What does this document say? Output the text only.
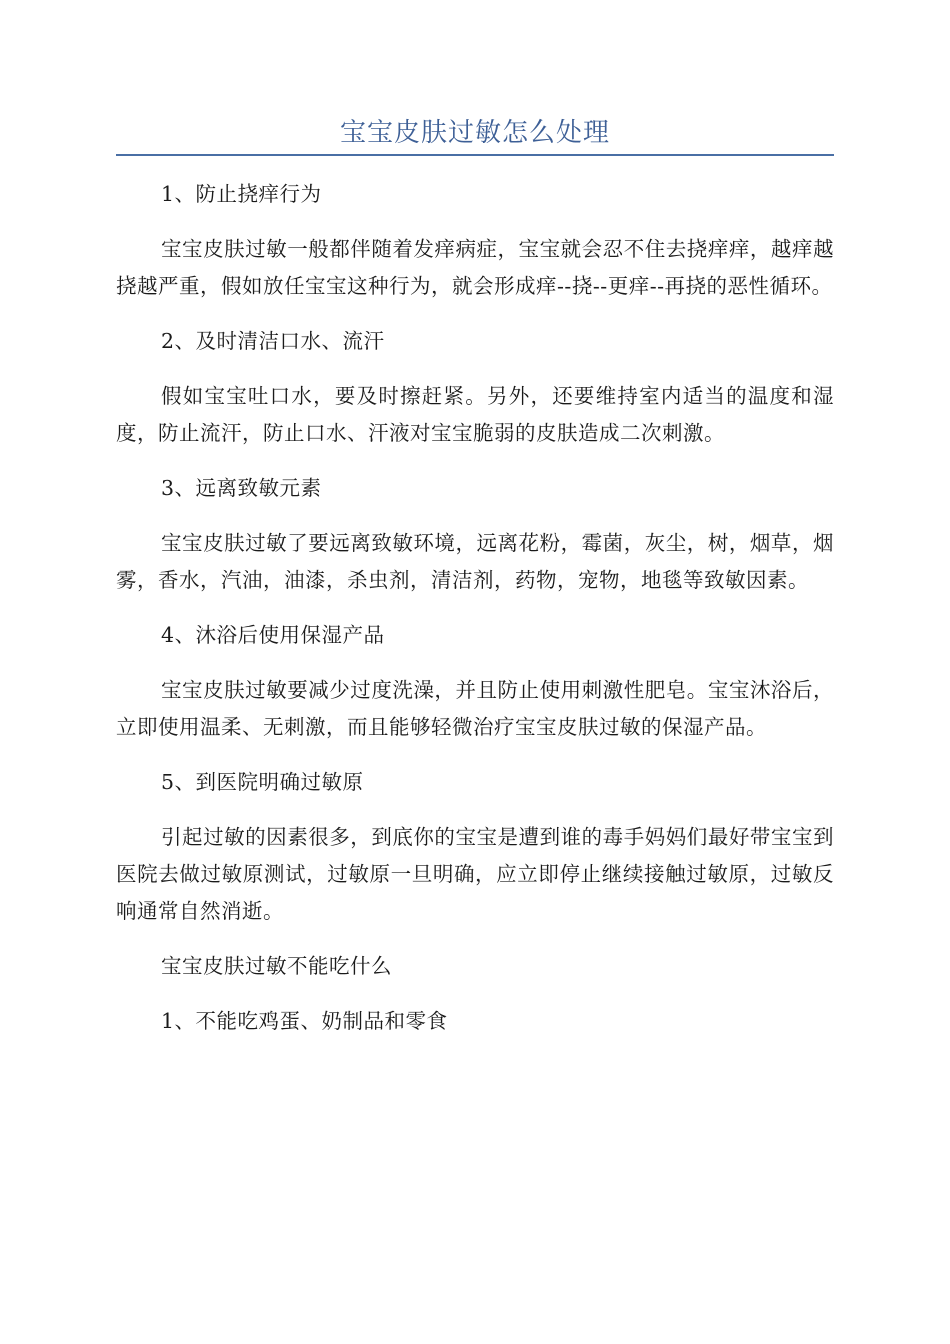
宝宝皮肤过敏怎么处理

1、防止挠痒行为

宝宝皮肤过敏一般都伴随着发痒病症，宝宝就会忍不住去挠痒痒，越痒越挠越严重，假如放任宝宝这种行为，就会形成痒--挠--更痒--再挠的恶性循环。

2、及时清洁口水、流汗

假如宝宝吐口水，要及时擦赶紧。另外，还要维持室内适当的温度和湿度，防止流汗，防止口水、汗液对宝宝脆弱的皮肤造成二次刺激。

3、远离致敏元素

宝宝皮肤过敏了要远离致敏环境，远离花粉，霉菌，灰尘，树，烟草，烟雾，香水，汽油，油漆，杀虫剂，清洁剂，药物，宠物，地毯等致敏因素。

4、沐浴后使用保湿产品

宝宝皮肤过敏要减少过度洗澡，并且防止使用刺激性肥皂。宝宝沐浴后，立即使用温柔、无刺激，而且能够轻微治疗宝宝皮肤过敏的保湿产品。

5、到医院明确过敏原

引起过敏的因素很多，到底你的宝宝是遭到谁的毒手妈妈们最好带宝宝到医院去做过敏原测试，过敏原一旦明确，应立即停止继续接触过敏原，过敏反响通常自然消逝。

宝宝皮肤过敏不能吃什么

1、不能吃鸡蛋、奶制品和零食
